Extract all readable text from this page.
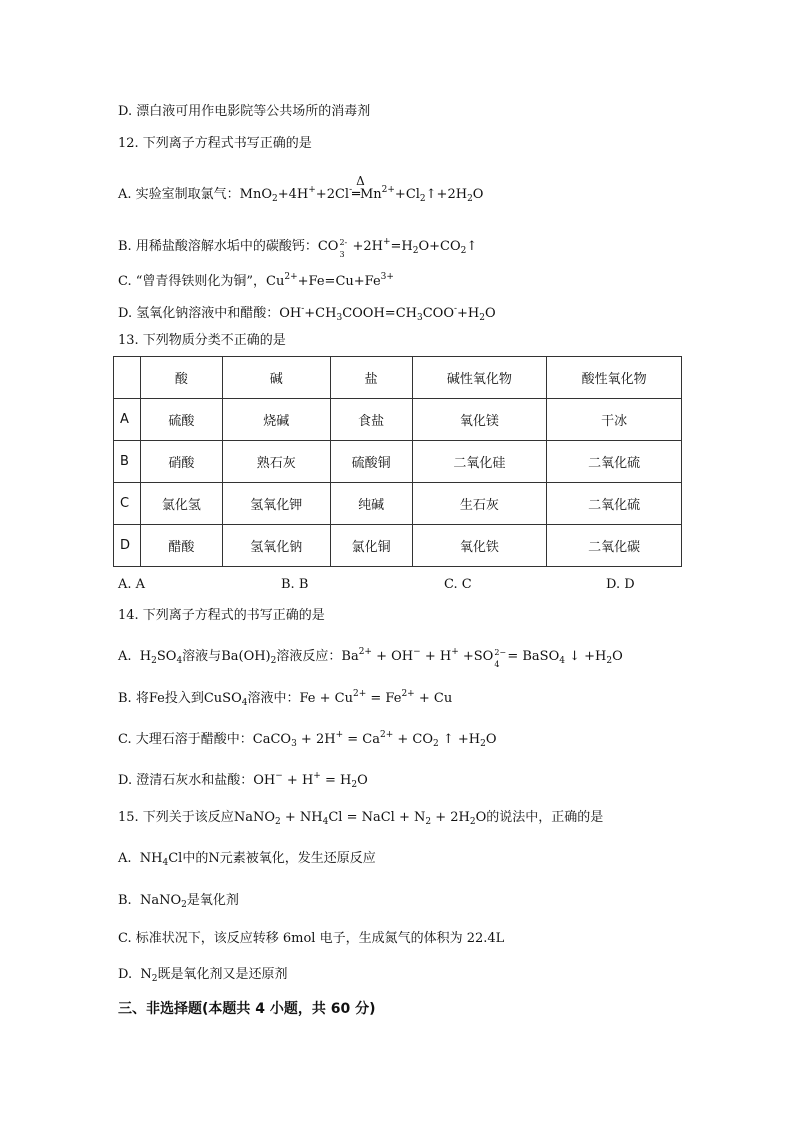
D. 漂白液可用作电影院等公共场所的消毒剂
12. 下列离子方程式书写正确的是
A. 实验室制取氯气：MnO$_2$+4H++2Cl-
Δ
$═Mn^{2+}+Cl_2↑+2H_2O$
B. 用稀盐酸溶解水垢中的碳酸钙：CO 2-
$3 +2H^+=H_2O+CO_2↑$
C. “曾青得铁则化为铜”，$Cu^{2+}+Fe=Cu+Fe^{3+}$
D. 氢氧化钠溶液中和醋酸：$OH^-+CH_3COOH=CH_3COO^-+H_2O$
13. 下列物质分类不正确的是
	酸	碱	盐	碱性氧化物	酸性氧化物
A	硫酸	烧碱	食盐	氧化镁	干冰
B	硝酸	熟石灰	硫酸铜	二氧化硅	二氧化硫
C	氯化氢	氢氧化钾	纯碱	生石灰	二氧化硫
D	醋酸	氢氧化钠	氯化铜	氧化铁	二氧化碳
A. A	B. B	C. C	D. D
14. 下列离子方程式的书写正确的是
A.  $H_2SO_4$溶液与$Ba(OH)_2$溶液反应：$Ba^{2+} + OH^- + H^+ +SO$ 2−
4 = BaSO$_4$ ↓ $+H_2O$
B. 将Fe投入到CuSO$_4$溶液中：$Fe + Cu^{2+} = Fe^{2+} + Cu$
C. 大理石溶于醋酸中：CaCO$_3$ + $2H^+ = Ca^{2+} + CO_2$ ↑ $+H_2O$
D. 澄清石灰水和盐酸：$OH^- + H^+ = H_2O$
15. 下列关于该反应NaNO$_2$ + $NH_4Cl$ = NaCl + $N_2 + 2H_2O$的说法中，正确的是
A.  $NH_4Cl$中的N元素被氧化，发生还原反应
B.  NaNO$_2$是氧化剂
C. 标准状况下，该反应转移 6mol 电子，生成氮气的体积为 22.4L
D.  $N_2$既是氧化剂又是还原剂
三、非选择题(本题共 4 小题，共 60 分)
